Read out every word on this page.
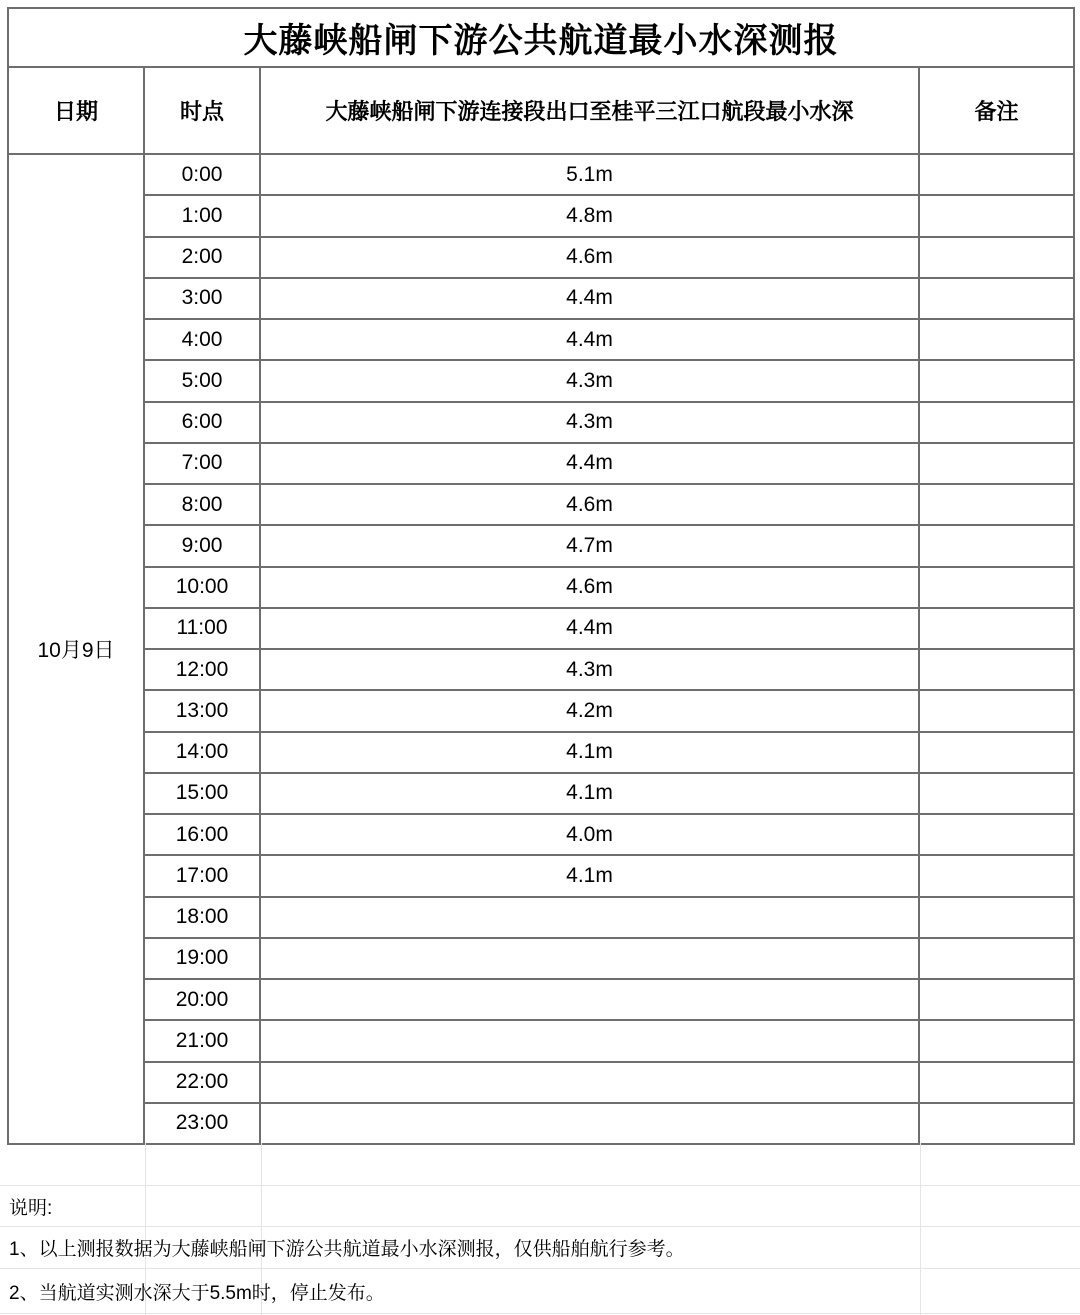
大藤峡船闸下游公共航道最小水深测报			
日期	时点	大藤峡船闸下游连接段出口至桂平三江口航段最小水深	备注
10月9日	0:00	5.1m	
	1:00	4.8m	
	2:00	4.6m	
	3:00	4.4m	
	4:00	4.4m	
	5:00	4.3m	
	6:00	4.3m	
	7:00	4.4m	
	8:00	4.6m	
	9:00	4.7m	
	10:00	4.6m	
	11:00	4.4m	
	12:00	4.3m	
	13:00	4.2m	
	14:00	4.1m	
	15:00	4.1m	
	16:00	4.0m	
	17:00	4.1m	
	18:00		
	19:00		
	20:00		
	21:00		
	22:00		
	23:00		
说明:
1、以上测报数据为大藤峡船闸下游公共航道最小水深测报，仅供船舶航行参考。
2、当航道实测水深大于5.5m时，停止发布。
